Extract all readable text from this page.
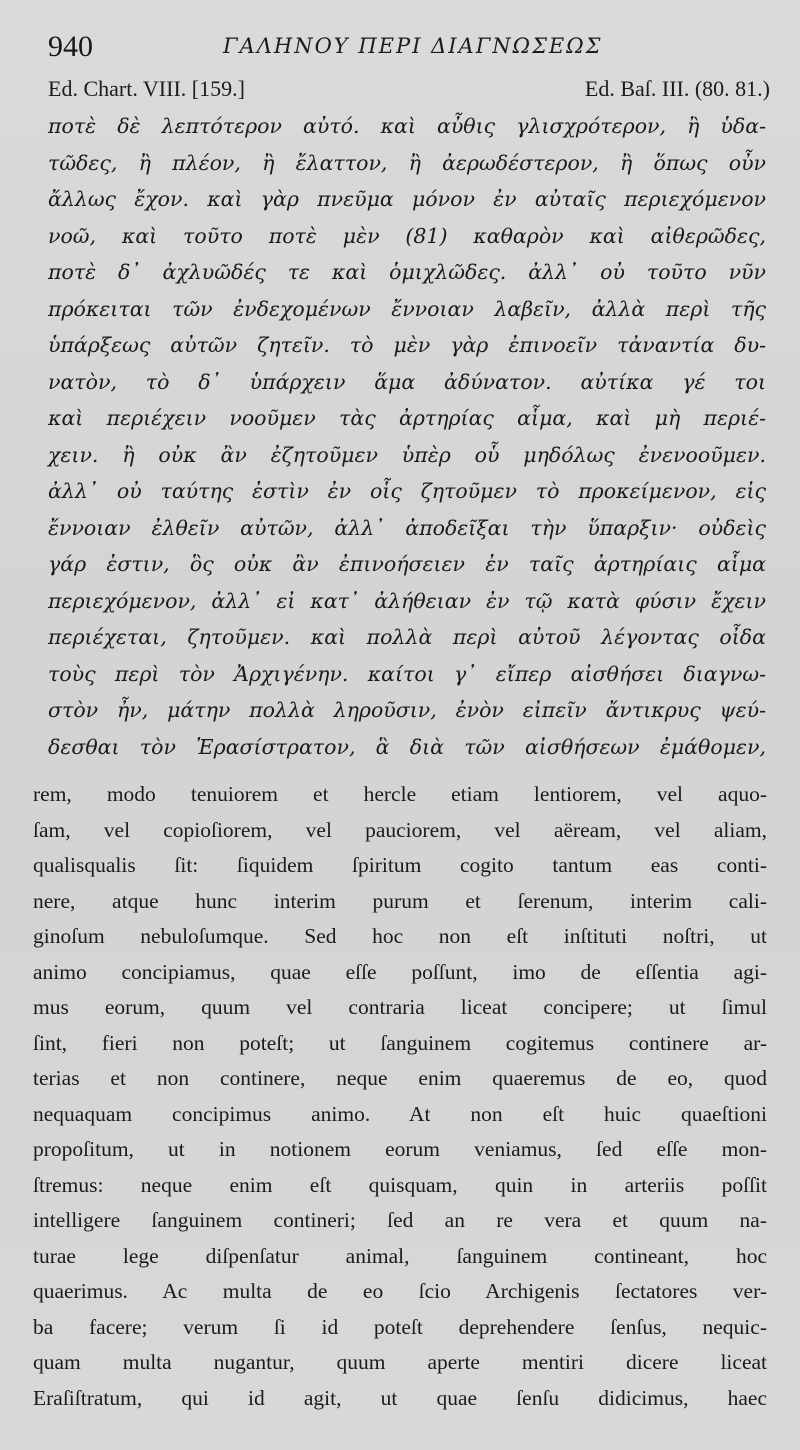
940	ΓΑΛΗΝΟΥ ΠΕΡΙ ΔΙΑΓΝΩΣΕΩΣ
Ed. Chart. VIII. [159.]	Ed. Baſ. III. (80. 81.)
ποτὲ δὲ λεπτότερον αὐτό. καὶ αὖθις γλισχρότερον, ἢ ὑδα-
τῶδες, ἢ πλέον, ἢ ἔλαττον, ἢ ἀερωδέστερον, ἢ ὅπως οὖν
ἄλλως ἔχον. καὶ γὰρ πνεῦμα μόνον ἐν αὐταῖς περιεχόμενον
νοῶ, καὶ τοῦτο ποτὲ μὲν (81) καθαρὸν καὶ αἰθερῶδες,
ποτὲ δ᾽ ἀχλυῶδές τε καὶ ὁμιχλῶδες. ἀλλ᾽ οὐ τοῦτο νῦν
πρόκειται τῶν ἐνδεχομένων ἔννοιαν λαβεῖν, ἀλλὰ περὶ τῆς
ὑπάρξεως αὐτῶν ζητεῖν. τὸ μὲν γὰρ ἐπινοεῖν τἀναντία δυ-
νατὸν, τὸ δ᾽ ὑπάρχειν ἅμα ἀδύνατον. αὐτίκα γέ τοι
καὶ περιέχειν νοοῦμεν τὰς ἀρτηρίας αἷμα, καὶ μὴ περιέ-
χειν. ἢ οὐκ ἂν ἐζητοῦμεν ὑπὲρ οὗ μηδόλως ἐνενοοῦμεν.
ἀλλ᾽ οὐ ταύτης ἐστὶν ἐν οἷς ζητοῦμεν τὸ προκείμενον, εἰς
ἔννοιαν ἐλθεῖν αὐτῶν, ἀλλ᾽ ἀποδεῖξαι τὴν ὕπαρξιν· οὐδεὶς
γάρ ἐστιν, ὃς οὐκ ἂν ἐπινοήσειεν ἐν ταῖς ἀρτηρίαις αἷμα
περιεχόμενον, ἀλλ᾽ εἰ κατ᾽ ἀλήθειαν ἐν τῷ κατὰ φύσιν ἔχειν
περιέχεται, ζητοῦμεν. καὶ πολλὰ περὶ αὐτοῦ λέγοντας οἶδα
τοὺς περὶ τὸν Ἀρχιγένην. καίτοι γ᾽ εἴπερ αἰσθήσει διαγνω-
στὸν ἦν, μάτην πολλὰ ληροῦσιν, ἐνὸν εἰπεῖν ἄντικρυς ψεύ-
δεσθαι τὸν Ἐρασίστρατον, ἃ διὰ τῶν αἰσθήσεων ἐμάθομεν,
rem, modo tenuiorem et hercle etiam lentiorem, vel aquo-
ſam, vel copioſiorem, vel pauciorem, vel aëream, vel aliam,
qualisqualis ſit: ſiquidem ſpiritum cogito tantum eas conti-
nere, atque hunc interim purum et ſerenum, interim cali-
ginoſum nebuloſumque. Sed hoc non eſt inſtituti noſtri, ut
animo concipiamus, quae eſſe poſſunt, imo de eſſentia agi-
mus eorum, quum vel contraria liceat concipere; ut ſimul
ſint, fieri non poteſt; ut ſanguinem cogitemus continere ar-
terias et non continere, neque enim quaeremus de eo, quod
nequaquam concipimus animo. At non eſt huic quaeſtioni
propoſitum, ut in notionem eorum veniamus, ſed eſſe mon-
ſtremus: neque enim eſt quisquam, quin in arteriis poſſit
intelligere ſanguinem contineri; ſed an re vera et quum na-
turae lege diſpenſatur animal, ſanguinem contineant, hoc
quaerimus. Ac multa de eo ſcio Archigenis ſectatores ver-
ba facere; verum ſi id poteſt deprehendere ſenſus, nequic-
quam multa nugantur, quum aperte mentiri dicere liceat
Eraſiſtratum, qui id agit, ut quae ſenſu didicimus, haec
